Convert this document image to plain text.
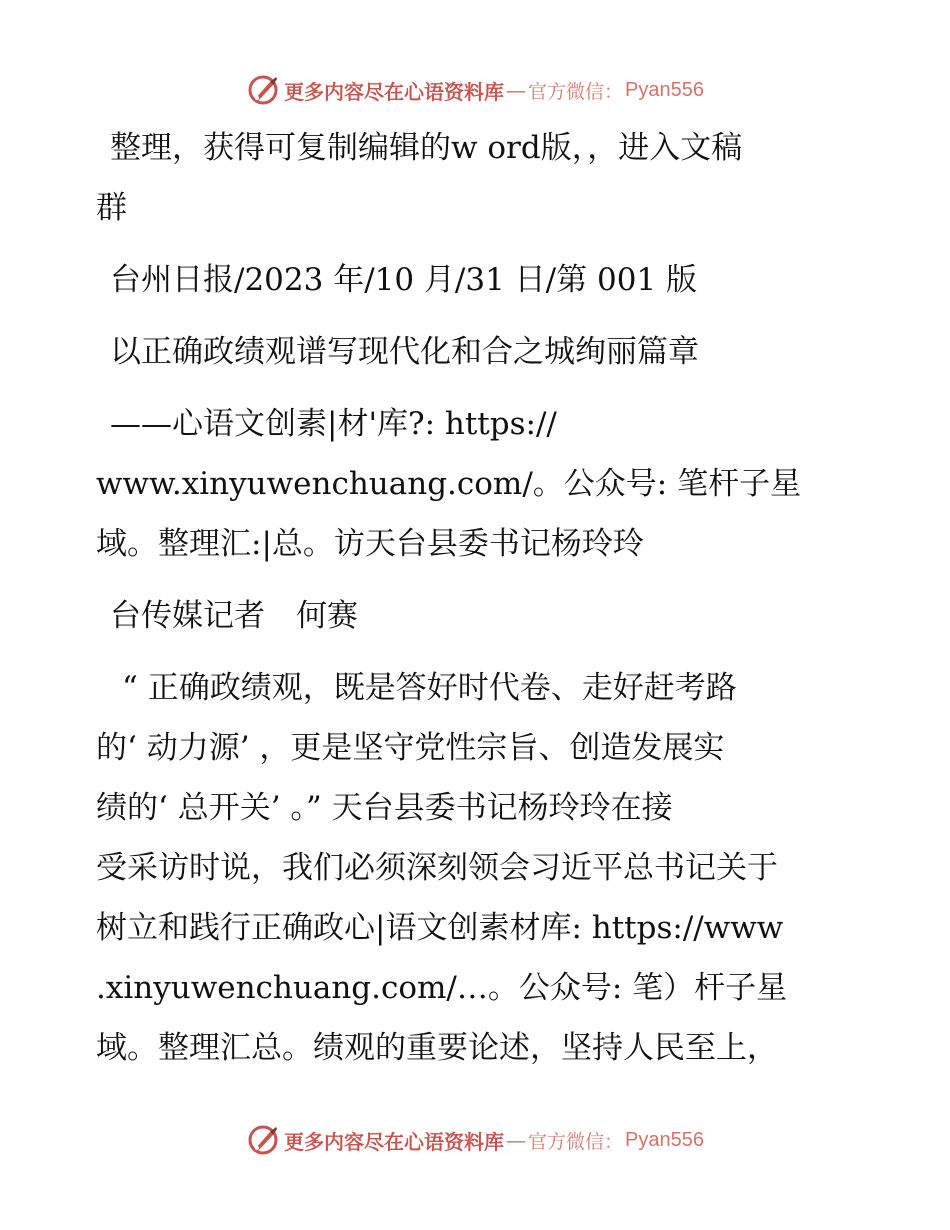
更多内容尽在心语资料库 — 官方微信： Pyan556
整理，获得可复制编辑的w ord版，，进入文稿
群
台州日报/2023 年/10 月/31 日/第 001 版
以正确政绩观谱写现代化和合之城绚丽篇章
——心语文创素|材'库?: https://
www.xinyuwenchuang.com/。公众号: 笔杆子星
域。整理汇:|总。访天台县委书记杨玲玲
台传媒记者　何赛
“ 正确政绩观，既是答好时代卷、走好赶考路
的‘ 动力源’ ，更是坚守党性宗旨、创造发展实
绩的‘ 总开关’ 。” 天台县委书记杨玲玲在接
受采访时说，我们必须深刻领会习近平总书记关于
树立和践行正确政心|语文创素材库: https://www
.xinyuwenchuang.com/…。公众号: 笔）杆子星
域。整理汇总。绩观的重要论述，坚持人民至上，
更多内容尽在心语资料库 — 官方微信： Pyan556
